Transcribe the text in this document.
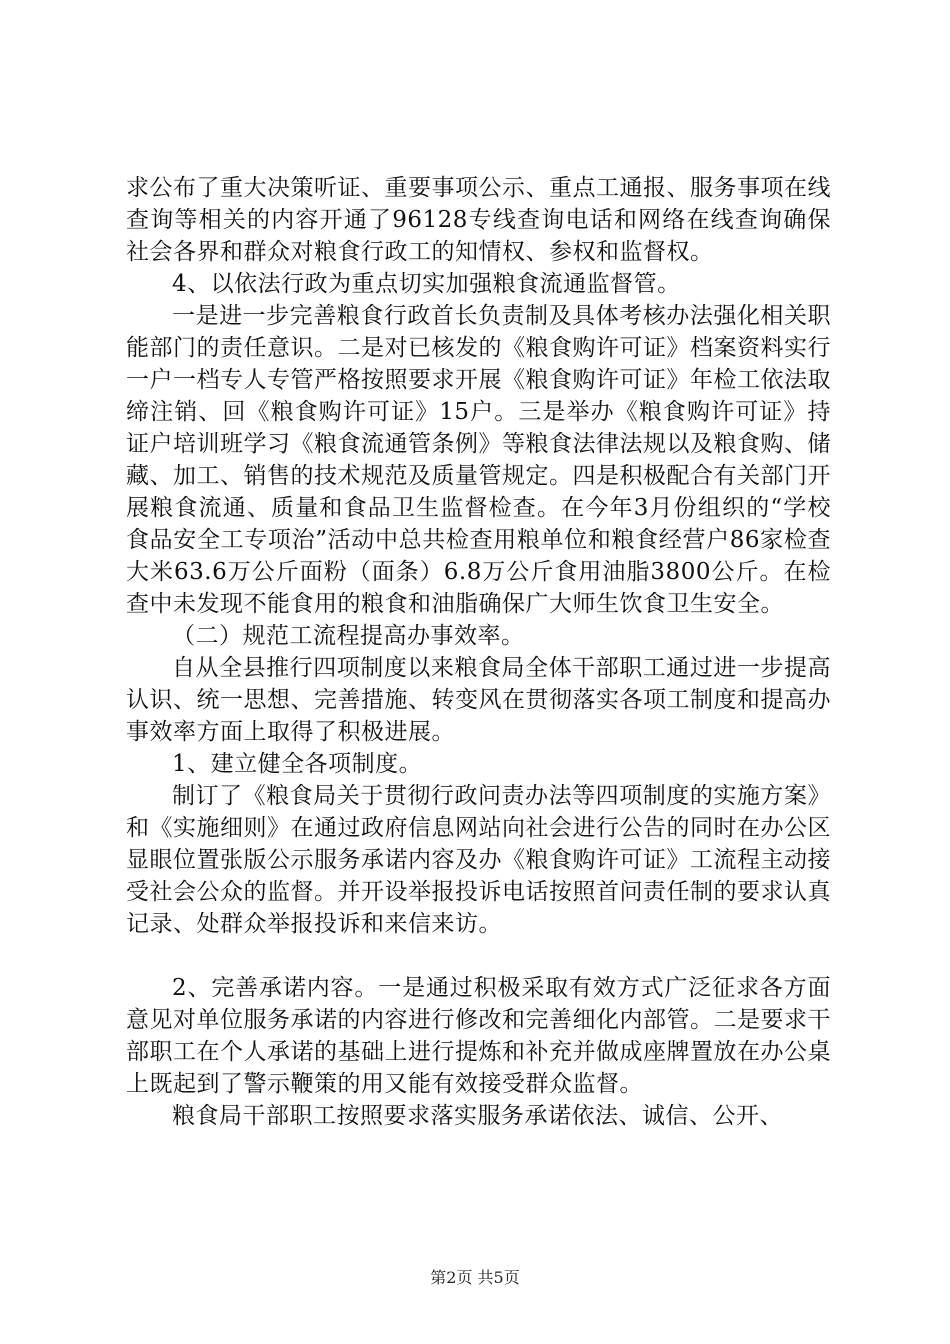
求公布了重大决策听证、重要事项公示、重点工通报、服务事项在线查询等相关的内容开通了96128专线查询电话和网络在线查询确保社会各界和群众对粮食行政工的知情权、参权和监督权。

4、以依法行政为重点切实加强粮食流通监督管。

一是进一步完善粮食行政首长负责制及具体考核办法强化相关职能部门的责任意识。二是对已核发的《粮食购许可证》档案资料实行一户一档专人专管严格按照要求开展《粮食购许可证》年检工依法取缔注销、回《粮食购许可证》15户。三是举办《粮食购许可证》持证户培训班学习《粮食流通管条例》等粮食法律法规以及粮食购、储藏、加工、销售的技术规范及质量管规定。四是积极配合有关部门开展粮食流通、质量和食品卫生监督检查。在今年3月份组织的“学校食品安全工专项治”活动中总共检查用粮单位和粮食经营户86家检查大米63.6万公斤面粉（面条）6.8万公斤食用油脂3800公斤。在检查中未发现不能食用的粮食和油脂确保广大师生饮食卫生安全。

（二）规范工流程提高办事效率。

自从全县推行四项制度以来粮食局全体干部职工通过进一步提高认识、统一思想、完善措施、转变风在贯彻落实各项工制度和提高办事效率方面上取得了积极进展。

1、建立健全各项制度。

制订了《粮食局关于贯彻行政问责办法等四项制度的实施方案》和《实施细则》在通过政府信息网站向社会进行公告的同时在办公区显眼位置张版公示服务承诺内容及办《粮食购许可证》工流程主动接受社会公众的监督。并开设举报投诉电话按照首问责任制的要求认真记录、处群众举报投诉和来信来访。

2、完善承诺内容。一是通过积极采取有效方式广泛征求各方面意见对单位服务承诺的内容进行修改和完善细化内部管。二是要求干部职工在个人承诺的基础上进行提炼和补充并做成座牌置放在办公桌上既起到了警示鞭策的用又能有效接受群众监督。

粮食局干部职工按照要求落实服务承诺依法、诚信、公开、

第2页 共5页
